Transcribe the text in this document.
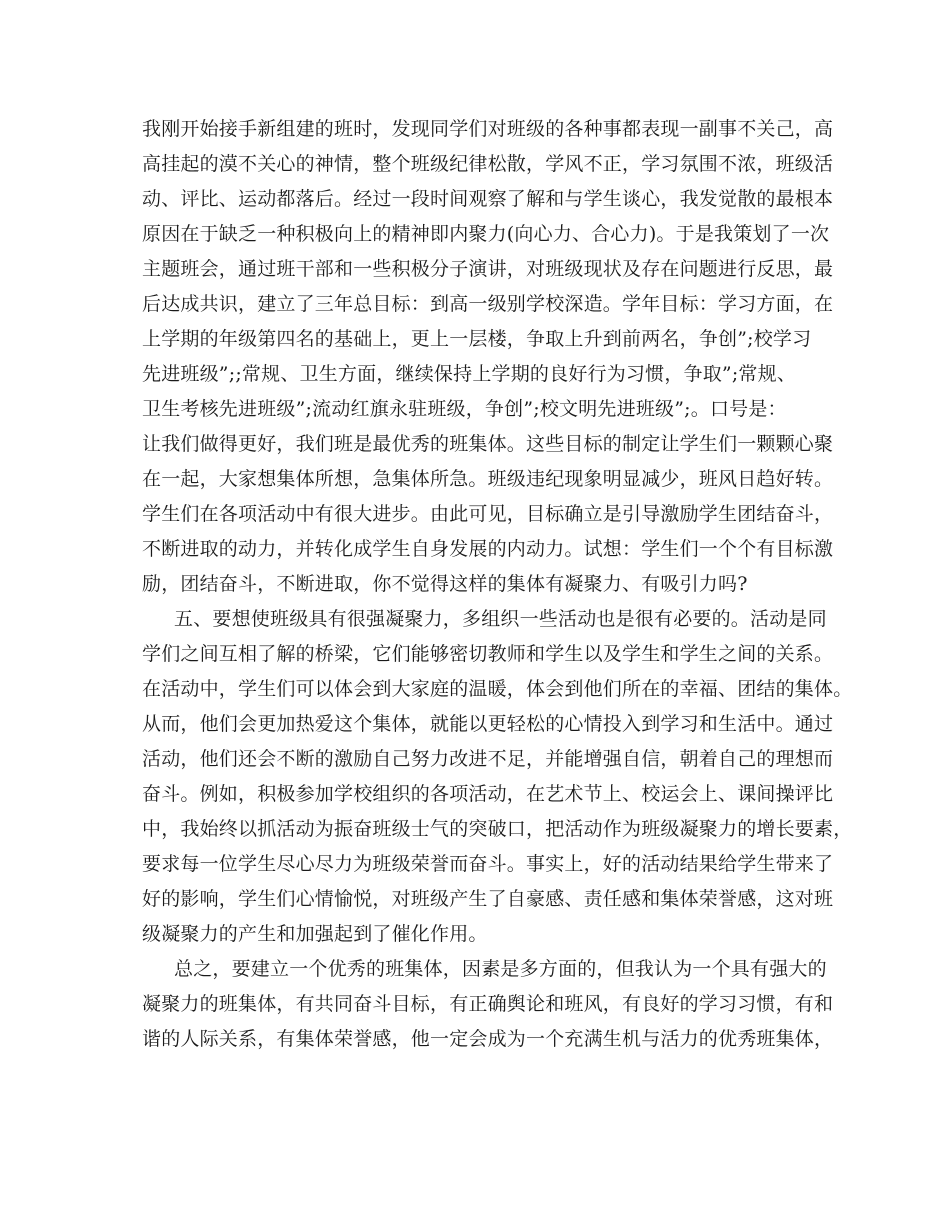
我刚开始接手新组建的班时，发现同学们对班级的各种事都表现一副事不关己，高
高挂起的漠不关心的神情，整个班级纪律松散，学风不正，学习氛围不浓，班级活
动、评比、运动都落后。经过一段时间观察了解和与学生谈心，我发觉散的最根本
原因在于缺乏一种积极向上的精神即内聚力(向心力、合心力)。于是我策划了一次
主题班会，通过班干部和一些积极分子演讲，对班级现状及存在问题进行反思，最
后达成共识，建立了三年总目标：到高一级别学校深造。学年目标：学习方面，在
上学期的年级第四名的基础上，更上一层楼，争取上升到前两名，争创”;校学习
先进班级”;;常规、卫生方面，继续保持上学期的良好行为习惯，争取”;常规、
卫生考核先进班级”;流动红旗永驻班级，争创”;校文明先进班级”;。口号是：
让我们做得更好，我们班是最优秀的班集体。这些目标的制定让学生们一颗颗心聚
在一起，大家想集体所想，急集体所急。班级违纪现象明显减少，班风日趋好转。
学生们在各项活动中有很大进步。由此可见，目标确立是引导激励学生团结奋斗，
不断进取的动力，并转化成学生自身发展的内动力。试想：学生们一个个有目标激
励，团结奋斗，不断进取，你不觉得这样的集体有凝聚力、有吸引力吗?
五、要想使班级具有很强凝聚力，多组织一些活动也是很有必要的。活动是同
学们之间互相了解的桥梁，它们能够密切教师和学生以及学生和学生之间的关系。
在活动中，学生们可以体会到大家庭的温暖，体会到他们所在的幸福、团结的集体。
从而，他们会更加热爱这个集体，就能以更轻松的心情投入到学习和生活中。通过
活动，他们还会不断的激励自己努力改进不足，并能增强自信，朝着自己的理想而
奋斗。例如，积极参加学校组织的各项活动，在艺术节上、校运会上、课间操评比
中，我始终以抓活动为振奋班级士气的突破口，把活动作为班级凝聚力的增长要素，
要求每一位学生尽心尽力为班级荣誉而奋斗。事实上，好的活动结果给学生带来了
好的影响，学生们心情愉悦，对班级产生了自豪感、责任感和集体荣誉感，这对班
级凝聚力的产生和加强起到了催化作用。
总之，要建立一个优秀的班集体，因素是多方面的，但我认为一个具有强大的
凝聚力的班集体，有共同奋斗目标，有正确舆论和班风，有良好的学习习惯，有和
谐的人际关系，有集体荣誉感，他一定会成为一个充满生机与活力的优秀班集体，
